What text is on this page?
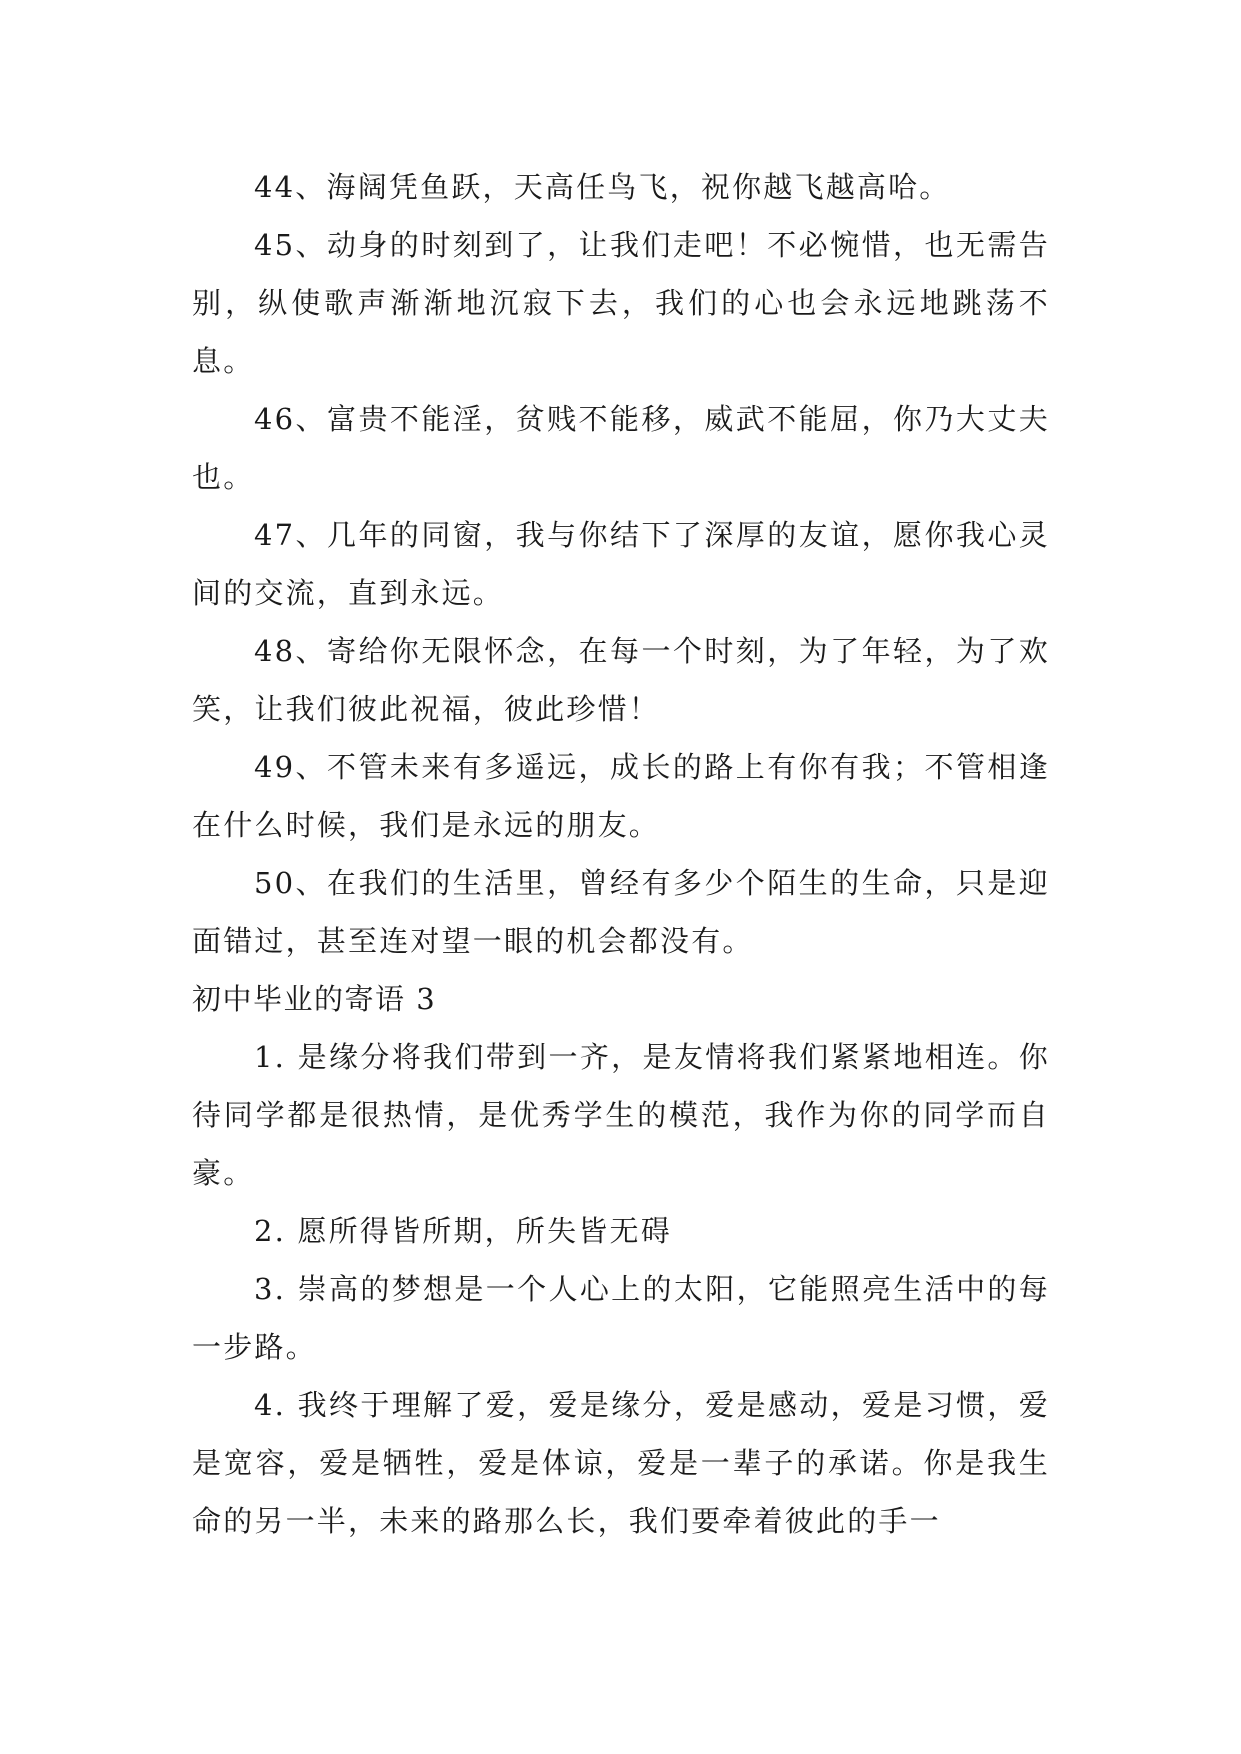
44、海阔凭鱼跃，天高任鸟飞，祝你越飞越高哈。

45、动身的时刻到了，让我们走吧！不必惋惜，也无需告别，纵使歌声渐渐地沉寂下去，我们的心也会永远地跳荡不息。

46、富贵不能淫，贫贱不能移，威武不能屈，你乃大丈夫也。

47、几年的同窗，我与你结下了深厚的友谊，愿你我心灵间的交流，直到永远。

48、寄给你无限怀念，在每一个时刻，为了年轻，为了欢笑，让我们彼此祝福，彼此珍惜！

49、不管未来有多遥远，成长的路上有你有我；不管相逢在什么时候，我们是永远的朋友。

50、在我们的生活里，曾经有多少个陌生的生命，只是迎面错过，甚至连对望一眼的机会都没有。

初中毕业的寄语 3

1. 是缘分将我们带到一齐，是友情将我们紧紧地相连。你待同学都是很热情，是优秀学生的模范，我作为你的同学而自豪。

2. 愿所得皆所期，所失皆无碍

3. 崇高的梦想是一个人心上的太阳，它能照亮生活中的每一步路。

4. 我终于理解了爱，爱是缘分，爱是感动，爱是习惯，爱是宽容，爱是牺牲，爱是体谅，爱是一辈子的承诺。你是我生命的另一半，未来的路那么长，我们要牵着彼此的手一
